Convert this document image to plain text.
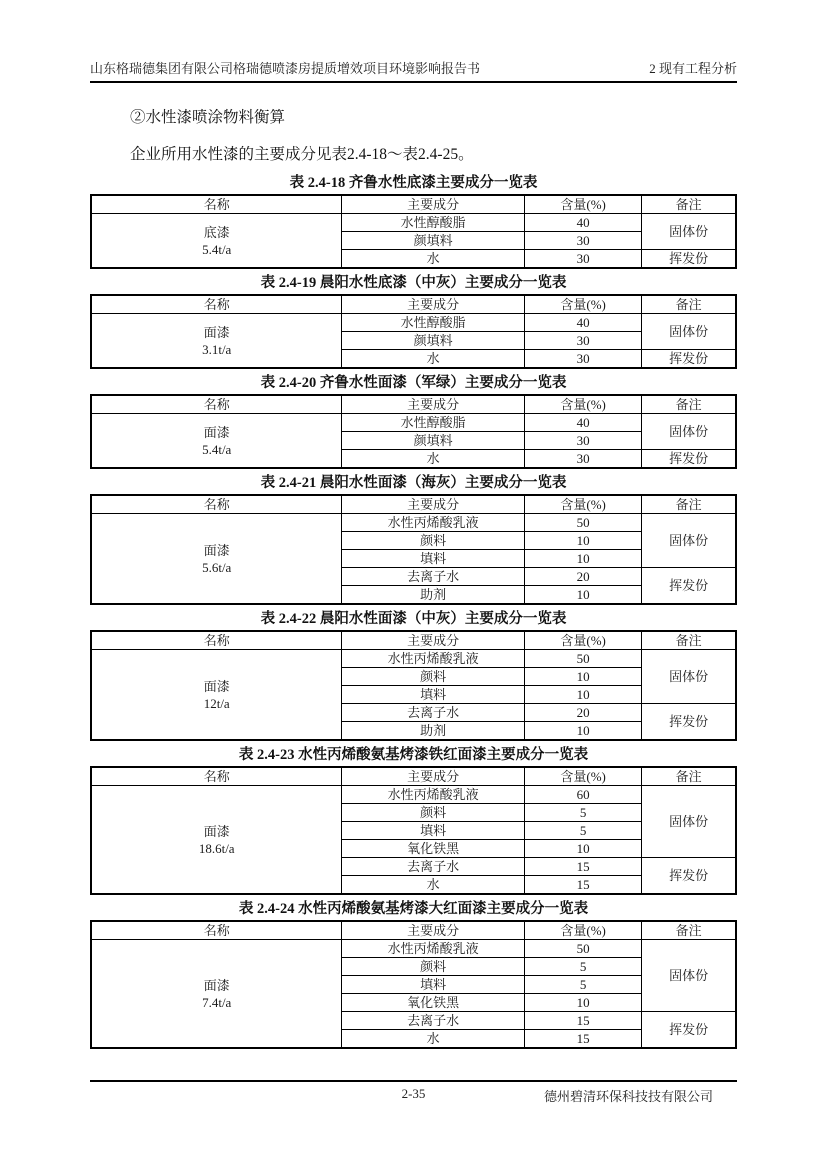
山东格瑞德集团有限公司格瑞德喷漆房提质增效项目环境影响报告书	2 现有工程分析

②水性漆喷涂物料衡算

企业所用水性漆的主要成分见表2.4-18～表2.4-25。

表 2.4-18 齐鲁水性底漆主要成分一览表
名称	主要成分	含量(%)	备注

底漆
5.4t/a	水性醇酸脂	40	固体份
	颜填料	30	
	水	30	挥发份
表 2.4-19 晨阳水性底漆（中灰）主要成分一览表
名称	主要成分	含量(%)	备注

面漆
3.1t/a	水性醇酸脂	40	固体份
	颜填料	30	
	水	30	挥发份
表 2.4-20 齐鲁水性面漆（军绿）主要成分一览表
名称	主要成分	含量(%)	备注

面漆
5.4t/a	水性醇酸脂	40	固体份
	颜填料	30	
	水	30	挥发份
表 2.4-21 晨阳水性面漆（海灰）主要成分一览表
名称	主要成分	含量(%)	备注

面漆
5.6t/a	水性丙烯酸乳液	50	固体份
	颜料	10	
	填料	10	
	去离子水	20	挥发份
	助剂	10	
表 2.4-22 晨阳水性面漆（中灰）主要成分一览表
名称	主要成分	含量(%)	备注

面漆
12t/a	水性丙烯酸乳液	50	固体份
	颜料	10	
	填料	10	
	去离子水	20	挥发份
	助剂	10	
表 2.4-23 水性丙烯酸氨基烤漆铁红面漆主要成分一览表
名称	主要成分	含量(%)	备注

面漆
18.6t/a	水性丙烯酸乳液	60	固体份
	颜料	5	
	填料	5	
	氧化铁黑	10	
	去离子水	15	挥发份
	水	15	
表 2.4-24 水性丙烯酸氨基烤漆大红面漆主要成分一览表
名称	主要成分	含量(%)	备注

面漆
7.4t/a	水性丙烯酸乳液	50	固体份
	颜料	5	
	填料	5	
	氧化铁黑	10	
	去离子水	15	挥发份
	水	15	
2-35	德州碧清环保科技技有限公司
